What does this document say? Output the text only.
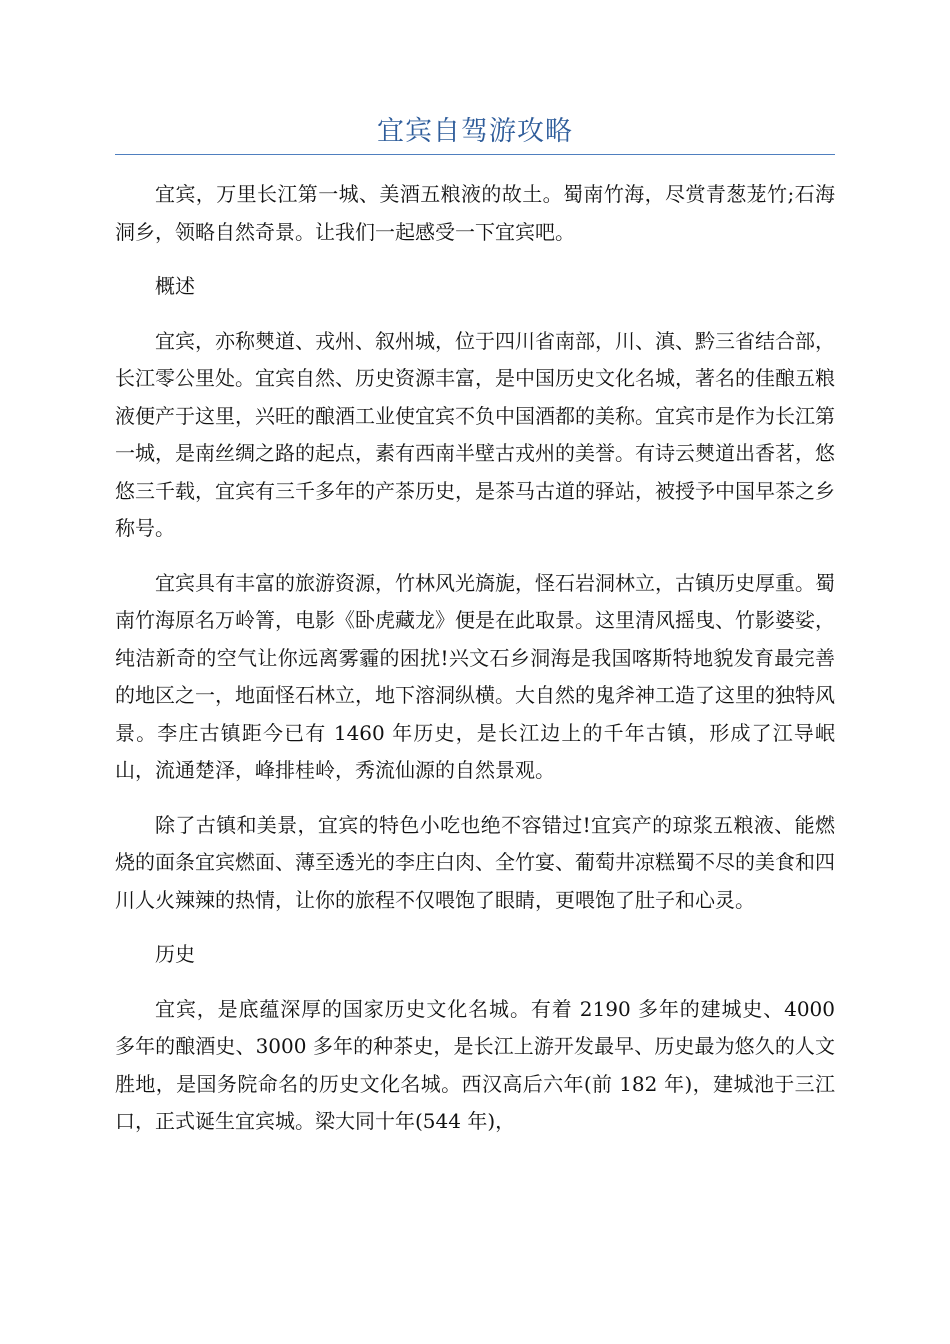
宜宾自驾游攻略

宜宾，万里长江第一城、美酒五粮液的故土。蜀南竹海，尽赏青葱茏竹;石海洞乡，领略自然奇景。让我们一起感受一下宜宾吧。

概述

宜宾，亦称僰道、戎州、叙州城，位于四川省南部，川、滇、黔三省结合部，长江零公里处。宜宾自然、历史资源丰富，是中国历史文化名城，著名的佳酿五粮液便产于这里，兴旺的酿酒工业使宜宾不负中国酒都的美称。宜宾市是作为长江第一城，是南丝绸之路的起点，素有西南半壁古戎州的美誉。有诗云僰道出香茗，悠悠三千载，宜宾有三千多年的产茶历史，是茶马古道的驿站，被授予中国早茶之乡称号。

宜宾具有丰富的旅游资源，竹林风光旖旎，怪石岩洞林立，古镇历史厚重。蜀南竹海原名万岭箐，电影《卧虎藏龙》便是在此取景。这里清风摇曳、竹影婆娑，纯洁新奇的空气让你远离雾霾的困扰!兴文石乡洞海是我国喀斯特地貌发育最完善的地区之一，地面怪石林立，地下溶洞纵横。大自然的鬼斧神工造了这里的独特风景。李庄古镇距今已有 1460 年历史，是长江边上的千年古镇，形成了江导岷山，流通楚泽，峰排桂岭，秀流仙源的自然景观。

除了古镇和美景，宜宾的特色小吃也绝不容错过!宜宾产的琼浆五粮液、能燃烧的面条宜宾燃面、薄至透光的李庄白肉、全竹宴、葡萄井凉糕蜀不尽的美食和四川人火辣辣的热情，让你的旅程不仅喂饱了眼睛，更喂饱了肚子和心灵。

历史

宜宾，是底蕴深厚的国家历史文化名城。有着 2190 多年的建城史、4000 多年的酿酒史、3000 多年的种茶史，是长江上游开发最早、历史最为悠久的人文胜地，是国务院命名的历史文化名城。西汉高后六年(前 182 年)，建城池于三江口，正式诞生宜宾城。梁大同十年(544 年)，
